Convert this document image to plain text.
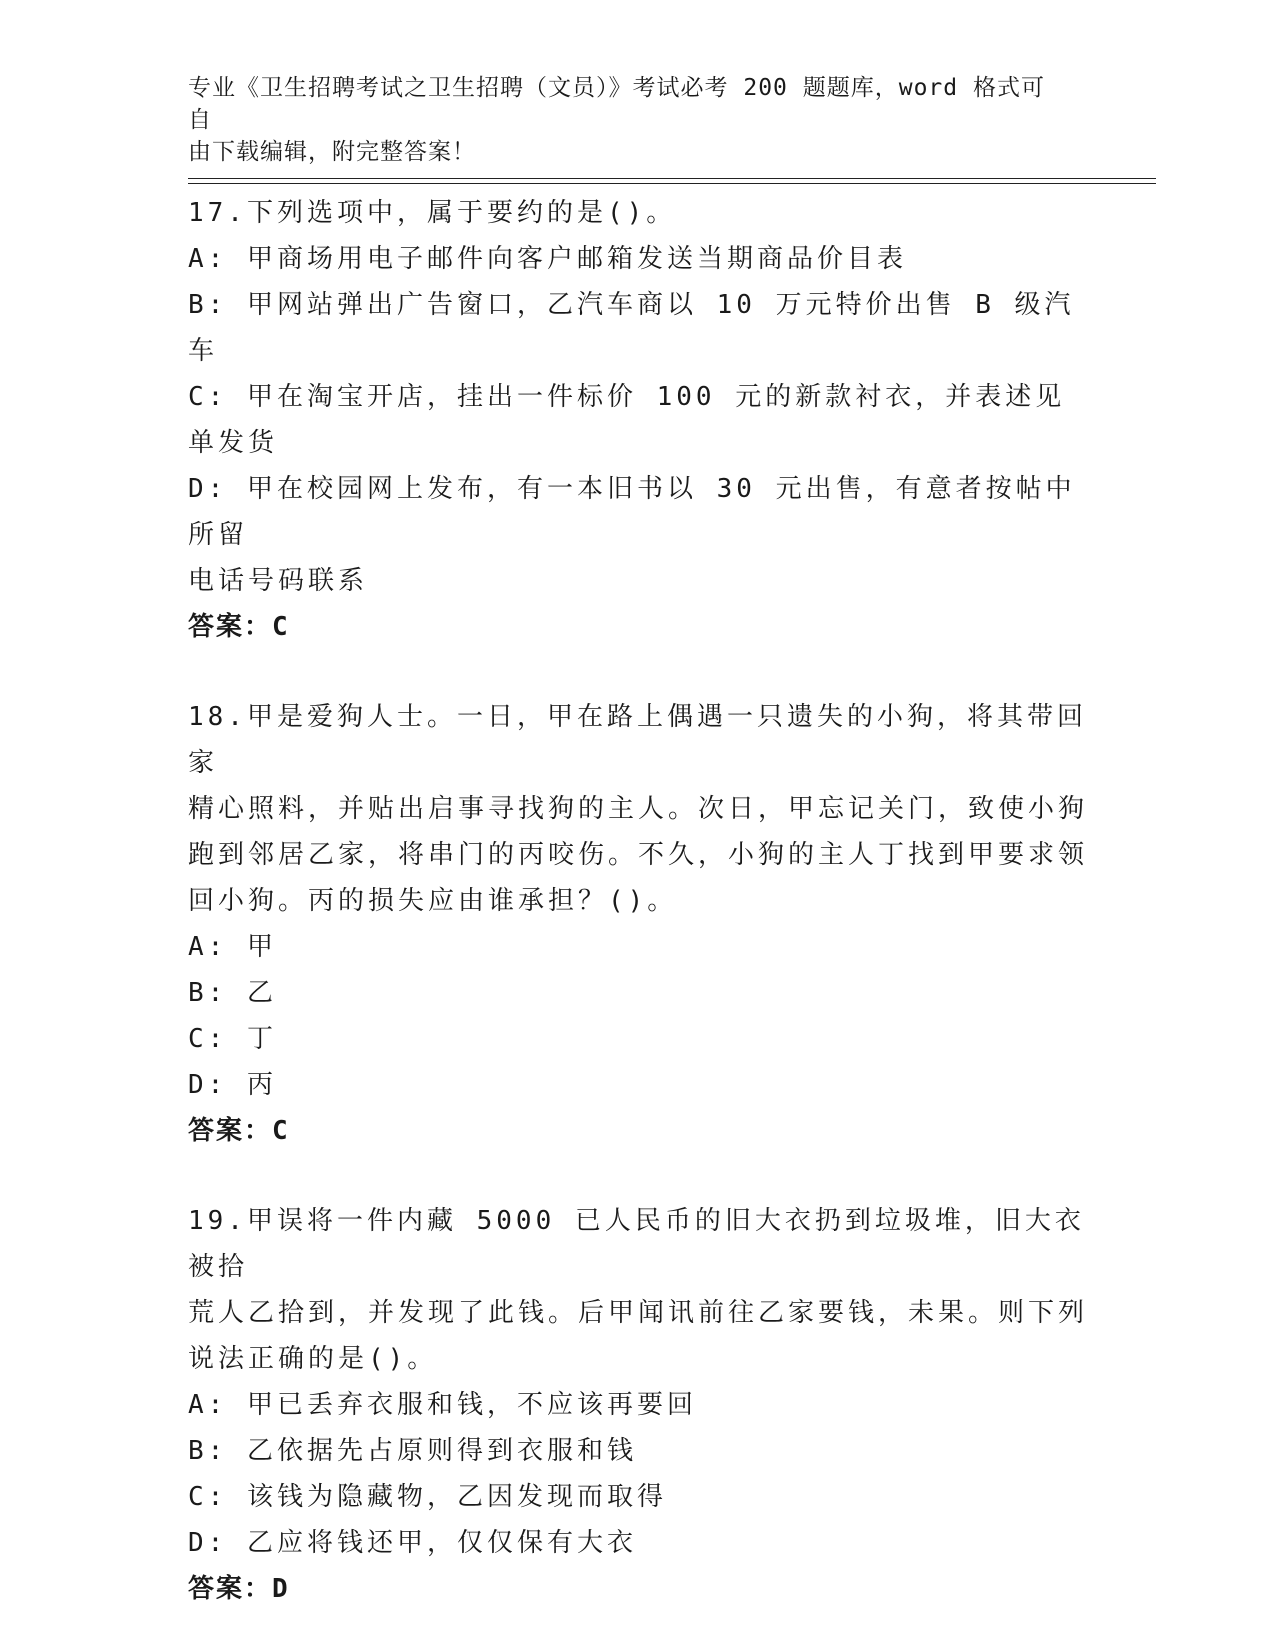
专业《卫生招聘考试之卫生招聘（文员）》考试必考 200 题题库，word 格式可自
由下载编辑，附完整答案！

17.下列选项中，属于要约的是()。

A: 甲商场用电子邮件向客户邮箱发送当期商品价目表

B: 甲网站弹出广告窗口，乙汽车商以 10 万元特价出售 B 级汽车

C: 甲在淘宝开店，挂出一件标价 100 元的新款衬衣，并表述见单发货

D: 甲在校园网上发布，有一本旧书以 30 元出售，有意者按帖中所留

电话号码联系

答案：C

18.甲是爱狗人士。一日，甲在路上偶遇一只遗失的小狗，将其带回家

精心照料，并贴出启事寻找狗的主人。次日，甲忘记关门，致使小狗

跑到邻居乙家，将串门的丙咬伤。不久，小狗的主人丁找到甲要求领

回小狗。丙的损失应由谁承担？()。

A: 甲

B: 乙

C: 丁

D: 丙

答案：C

19.甲误将一件内藏 5000 已人民币的旧大衣扔到垃圾堆，旧大衣被拾

荒人乙拾到，并发现了此钱。后甲闻讯前往乙家要钱，未果。则下列

说法正确的是()。

A: 甲已丢弃衣服和钱，不应该再要回

B: 乙依据先占原则得到衣服和钱

C: 该钱为隐藏物，乙因发现而取得

D: 乙应将钱还甲，仅仅保有大衣

答案：D
